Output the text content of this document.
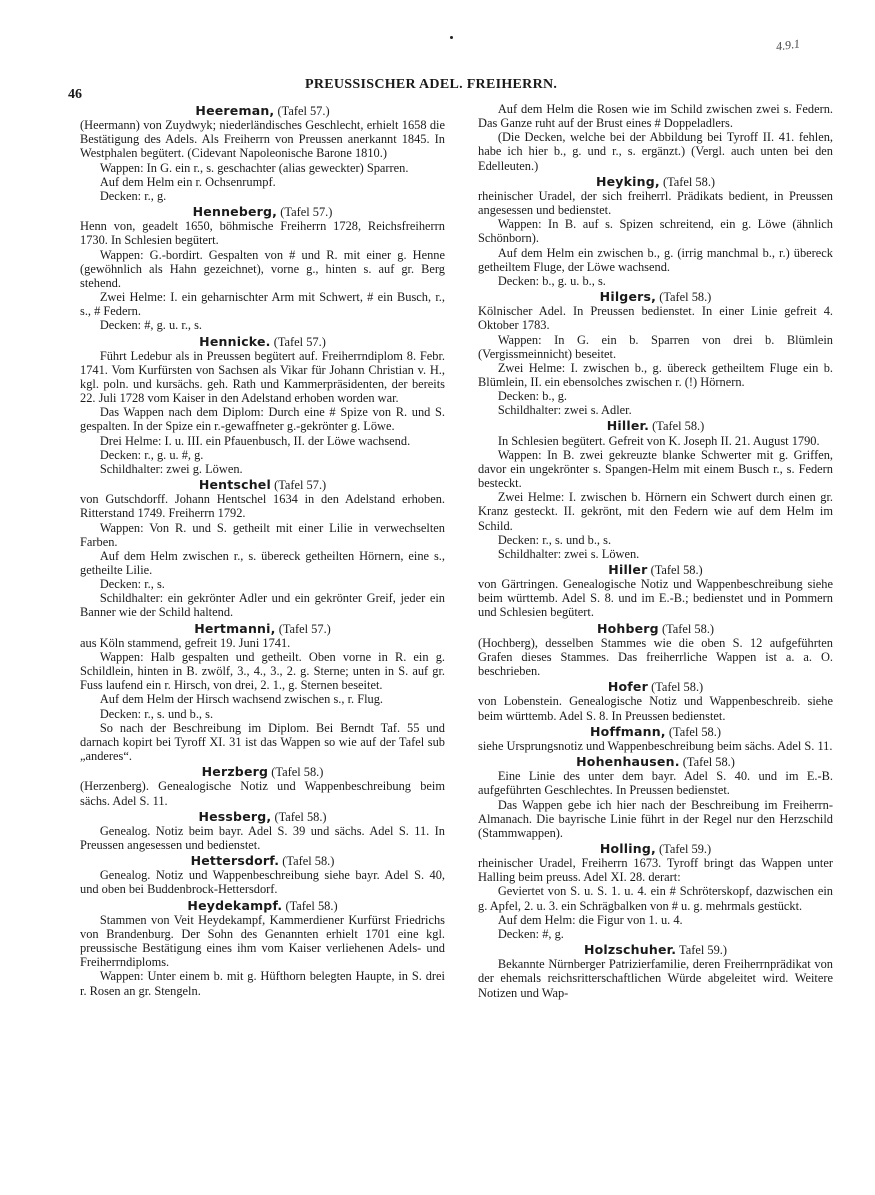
4.9.1
46
PREUSSISCHER ADEL. FREIHERRN.

Heereman, (Tafel 57.)

(Heermann) von Zuydwyk; niederländisches Geschlecht, erhielt 1658 die Bestätigung des Adels. Als Freiherrn von Preussen anerkannt 1845. In Westphalen begütert. (Cidevant Napoleonische Barone 1810.)

Wappen: In G. ein r., s. geschachter (alias geweckter) Sparren.

Auf dem Helm ein r. Ochsenrumpf.

Decken: r., g.

Henneberg, (Tafel 57.)

Henn von, geadelt 1650, böhmische Freiherrn 1728, Reichsfreiherrn 1730. In Schlesien begütert.

Wappen: G.-bordirt. Gespalten von # und R. mit einer g. Henne (gewöhnlich als Hahn gezeichnet), vorne g., hinten s. auf gr. Berg stehend.

Zwei Helme: I. ein geharnischter Arm mit Schwert, # ein Busch, r., s., # Federn.

Decken: #, g. u. r., s.

Hennicke. (Tafel 57.)

Führt Ledebur als in Preussen begütert auf. Freiherrndiplom 8. Febr. 1741. Vom Kurfürsten von Sachsen als Vikar für Johann Christian v. H., kgl. poln. und kursächs. geh. Rath und Kammerpräsidenten, der bereits 22. Juli 1728 vom Kaiser in den Adelstand erhoben worden war.

Das Wappen nach dem Diplom: Durch eine # Spize von R. und S. gespalten. In der Spize ein r.-gewaffneter g.-gekrönter g. Löwe.

Drei Helme: I. u. III. ein Pfauenbusch, II. der Löwe wachsend.

Decken: r., g. u. #, g.

Schildhalter: zwei g. Löwen.

Hentschel (Tafel 57.)

von Gutschdorff. Johann Hentschel 1634 in den Adelstand erhoben. Ritterstand 1749. Freiherrn 1792.

Wappen: Von R. und S. getheilt mit einer Lilie in verwechselten Farben.

Auf dem Helm zwischen r., s. übereck getheilten Hörnern, eine s., getheilte Lilie.

Decken: r., s.

Schildhalter: ein gekrönter Adler und ein gekrönter Greif, jeder ein Banner wie der Schild haltend.

Hertmanni, (Tafel 57.)

aus Köln stammend, gefreit 19. Juni 1741.

Wappen: Halb gespalten und getheilt. Oben vorne in R. ein g. Schildlein, hinten in B. zwölf, 3., 4., 3., 2. g. Sterne; unten in S. auf gr. Fuss laufend ein r. Hirsch, von drei, 2. 1., g. Sternen beseitet.

Auf dem Helm der Hirsch wachsend zwischen s., r. Flug.

Decken: r., s. und b., s.

So nach der Beschreibung im Diplom. Bei Berndt Taf. 55 und darnach kopirt bei Tyroff XI. 31 ist das Wappen so wie auf der Tafel sub „anderes“.

Herzberg (Tafel 58.)

(Herzenberg). Genealogische Notiz und Wappenbeschreibung beim sächs. Adel S. 11.

Hessberg, (Tafel 58.)

Genealog. Notiz beim bayr. Adel S. 39 und sächs. Adel S. 11. In Preussen angesessen und bedienstet.

Hettersdorf. (Tafel 58.)

Genealog. Notiz und Wappenbeschreibung siehe bayr. Adel S. 40, und oben bei Buddenbrock-Hettersdorf.

Heydekampf. (Tafel 58.)

Stammen von Veit Heydekampf, Kammerdiener Kurfürst Friedrichs von Brandenburg. Der Sohn des Genannten erhielt 1701 eine kgl. preussische Bestätigung eines ihm vom Kaiser verliehenen Adels- und Freiherrndiploms.

Wappen: Unter einem b. mit g. Hüfthorn belegten Haupte, in S. drei r. Rosen an gr. Stengeln.

Auf dem Helm die Rosen wie im Schild zwischen zwei s. Federn. Das Ganze ruht auf der Brust eines # Doppeladlers.

(Die Decken, welche bei der Abbildung bei Tyroff II. 41. fehlen, habe ich hier b., g. und r., s. ergänzt.) (Vergl. auch unten bei den Edelleuten.)

Heyking, (Tafel 58.)

rheinischer Uradel, der sich freiherrl. Prädikats bedient, in Preussen angesessen und bedienstet.

Wappen: In B. auf s. Spizen schreitend, ein g. Löwe (ähnlich Schönborn).

Auf dem Helm ein zwischen b., g. (irrig manchmal b., r.) übereck getheiltem Fluge, der Löwe wachsend.

Decken: b., g. u. b., s.

Hilgers, (Tafel 58.)

Kölnischer Adel. In Preussen bedienstet. In einer Linie gefreit 4. Oktober 1783.

Wappen: In G. ein b. Sparren von drei b. Blümlein (Vergissmeinnicht) beseitet.

Zwei Helme: I. zwischen b., g. übereck getheiltem Fluge ein b. Blümlein, II. ein ebensolches zwischen r. (!) Hörnern.

Decken: b., g.

Schildhalter: zwei s. Adler.

Hiller. (Tafel 58.)

In Schlesien begütert. Gefreit von K. Joseph II. 21. August 1790.

Wappen: In B. zwei gekreuzte blanke Schwerter mit g. Griffen, davor ein ungekrönter s. Spangen-Helm mit einem Busch r., s. Federn besteckt.

Zwei Helme: I. zwischen b. Hörnern ein Schwert durch einen gr. Kranz gesteckt. II. gekrönt, mit den Federn wie auf dem Helm im Schild.

Decken: r., s. und b., s.

Schildhalter: zwei s. Löwen.

Hiller (Tafel 58.)

von Gärtringen. Genealogische Notiz und Wappenbeschreibung siehe beim württemb. Adel S. 8. und im E.-B.; bedienstet und in Pommern und Schlesien begütert.

Hohberg (Tafel 58.)

(Hochberg), desselben Stammes wie die oben S. 12 aufgeführten Grafen dieses Stammes. Das freiherrliche Wappen ist a. a. O. beschrieben.

Hofer (Tafel 58.)

von Lobenstein. Genealogische Notiz und Wappenbeschreib. siehe beim württemb. Adel S. 8. In Preussen bedienstet.

Hoffmann, (Tafel 58.)

siehe Ursprungsnotiz und Wappenbeschreibung beim sächs. Adel S. 11.

Hohenhausen. (Tafel 58.)

Eine Linie des unter dem bayr. Adel S. 40. und im E.-B. aufgeführten Geschlechtes. In Preussen bedienstet.

Das Wappen gebe ich hier nach der Beschreibung im Freiherrn-Almanach. Die bayrische Linie führt in der Regel nur den Herzschild (Stammwappen).

Holling, (Tafel 59.)

rheinischer Uradel, Freiherrn 1673. Tyroff bringt das Wappen unter Halling beim preuss. Adel XI. 28. derart:

Geviertet von S. u. S. 1. u. 4. ein # Schröterskopf, dazwischen ein g. Apfel, 2. u. 3. ein Schrägbalken von # u. g. mehrmals gestückt.

Auf dem Helm: die Figur von 1. u. 4.

Decken: #, g.

Holzschuher. Tafel 59.)

Bekannte Nürnberger Patrizierfamilie, deren Freiherrnprädikat von der ehemals reichsritterschaftlichen Würde abgeleitet wird. Weitere Notizen und Wap-
